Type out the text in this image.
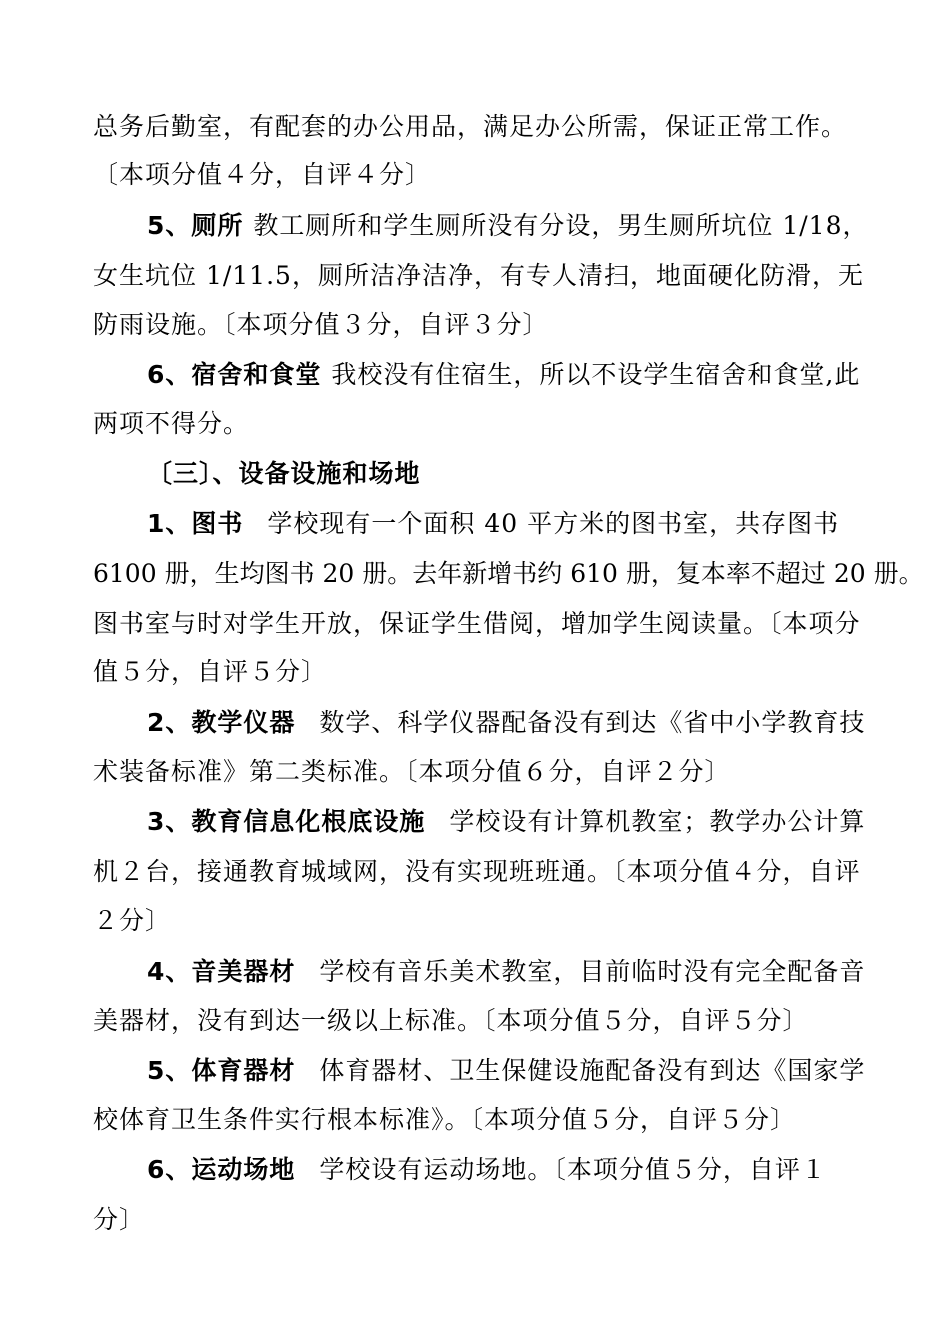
总务后勤室，有配套的办公用品，满足办公所需，保证正常工作。
〔本项分值４分，自评４分〕
5、厕所 教工厕所和学生厕所没有分设，男生厕所坑位 1/18，
女生坑位 1/11.5，厕所洁净洁净，有专人清扫，地面硬化防滑，无
防雨设施。〔本项分值３分，自评３分〕
6、宿舍和食堂 我校没有住宿生，所以不设学生宿舍和食堂,此
两项不得分。
〔三〕、设备设施和场地
1、图书 学校现有一个面积 40 平方米的图书室，共存图书
6100 册，生均图书 20 册。去年新增书约 610 册，复本率不超过 20 册。
图书室与时对学生开放，保证学生借阅，增加学生阅读量。〔本项分
值５分，自评５分〕
2、教学仪器 数学、科学仪器配备没有到达《省中小学教育技
术装备标准》第二类标准。〔本项分值６分，自评２分〕
3、教育信息化根底设施 学校设有计算机教室；教学办公计算
机２台，接通教育城域网，没有实现班班通。〔本项分值４分，自评
２分〕
4、音美器材 学校有音乐美术教室，目前临时没有完全配备音
美器材，没有到达一级以上标准。〔本项分值５分，自评５分〕
5、体育器材 体育器材、卫生保健设施配备没有到达《国家学
校体育卫生条件实行根本标准》。〔本项分值５分，自评５分〕
6、运动场地 学校设有运动场地。〔本项分值５分，自评１
分〕
